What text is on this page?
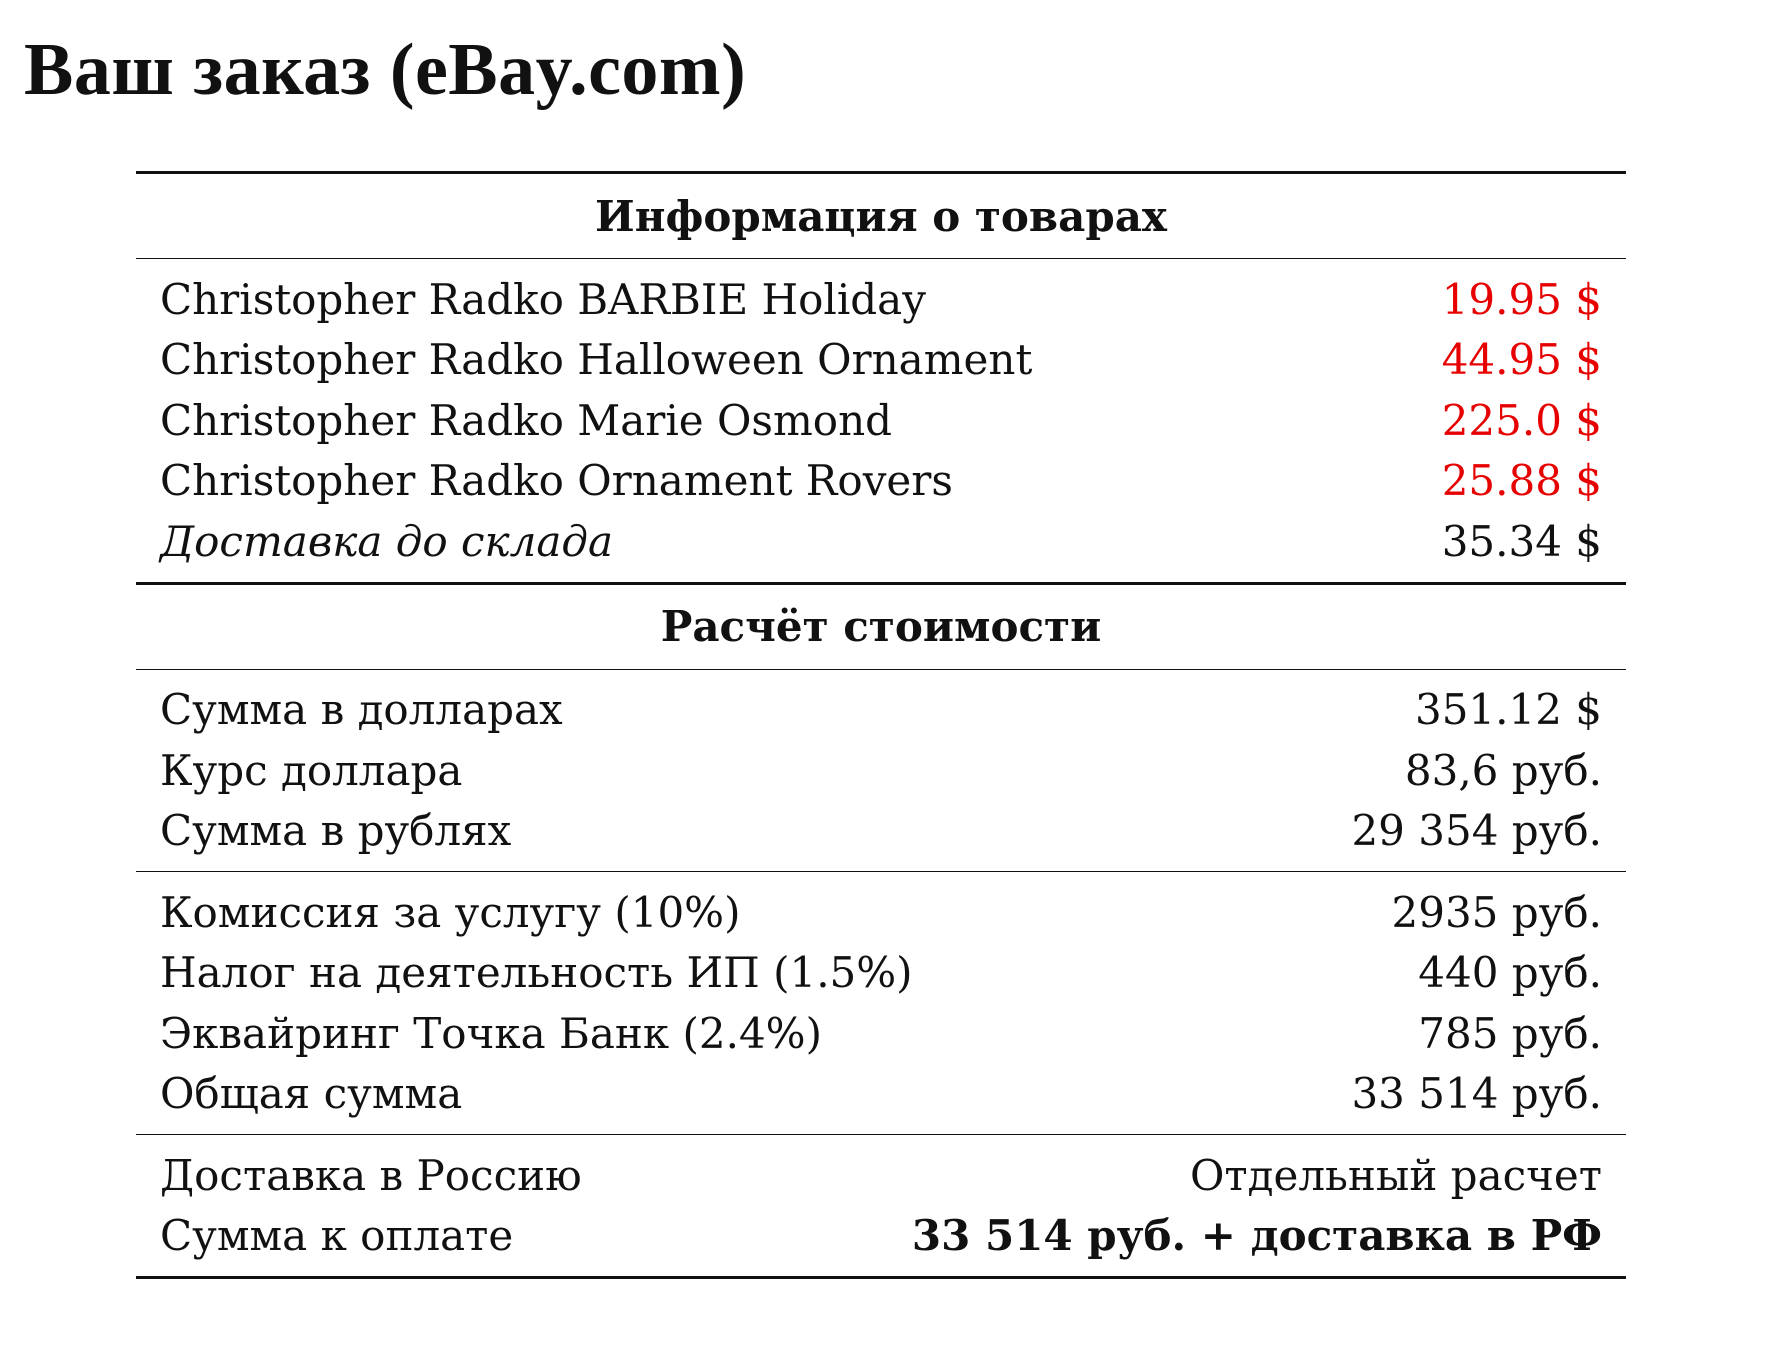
Ваш заказ (eBay.com)
Информация о товарах
Christopher Radko BARBIE Holiday	19.95 $
Christopher Radko Halloween Ornament	44.95 $
Christopher Radko Marie Osmond	225.0 $
Christopher Radko Ornament Rovers	25.88 $
Доставка до склада	35.34 $
Расчёт стоимости
Сумма в долларах	351.12 $
Курс доллара	83,6 руб.
Сумма в рублях	29 354 руб.
Комиссия за услугу (10%)	2935 руб.
Налог на деятельность ИП (1.5%)	440 руб.
Эквайринг Точка Банк (2.4%)	785 руб.
Общая сумма	33 514 руб.
Доставка в Россию	Отдельный расчет
Сумма к оплате	33 514 руб. + доставка в РФ
